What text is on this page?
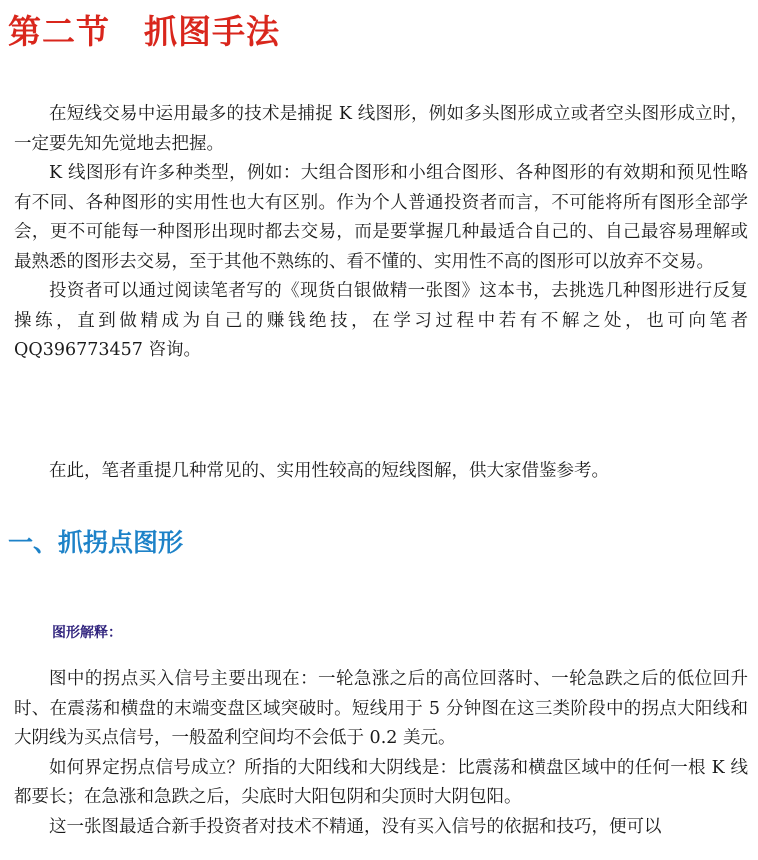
第二节　抓图手法

在短线交易中运用最多的技术是捕捉 K 线图形，例如多头图形成立或者空头图形成立时，一定要先知先觉地去把握。

K 线图形有许多种类型，例如：大组合图形和小组合图形、各种图形的有效期和预见性略有不同、各种图形的实用性也大有区别。作为个人普通投资者而言，不可能将所有图形全部学会，更不可能每一种图形出现时都去交易，而是要掌握几种最适合自己的、自己最容易理解或最熟悉的图形去交易，至于其他不熟练的、看不懂的、实用性不高的图形可以放弃不交易。

投资者可以通过阅读笔者写的《现货白银做精一张图》这本书，去挑选几种图形进行反复操练，直到做精成为自己的赚钱绝技，在学习过程中若有不解之处，也可向笔者 QQ396773457 咨询。

在此，笔者重提几种常见的、实用性较高的短线图解，供大家借鉴参考。

一、抓拐点图形
图形解释：

图中的拐点买入信号主要出现在：一轮急涨之后的高位回落时、一轮急跌之后的低位回升时、在震荡和横盘的末端变盘区域突破时。短线用于 5 分钟图在这三类阶段中的拐点大阳线和大阴线为买点信号，一般盈利空间均不会低于 0.2 美元。

如何界定拐点信号成立？所指的大阳线和大阴线是：比震荡和横盘区域中的任何一根 K 线都要长；在急涨和急跌之后，尖底时大阳包阴和尖顶时大阴包阳。

这一张图最适合新手投资者对技术不精通，没有买入信号的依据和技巧，便可以
